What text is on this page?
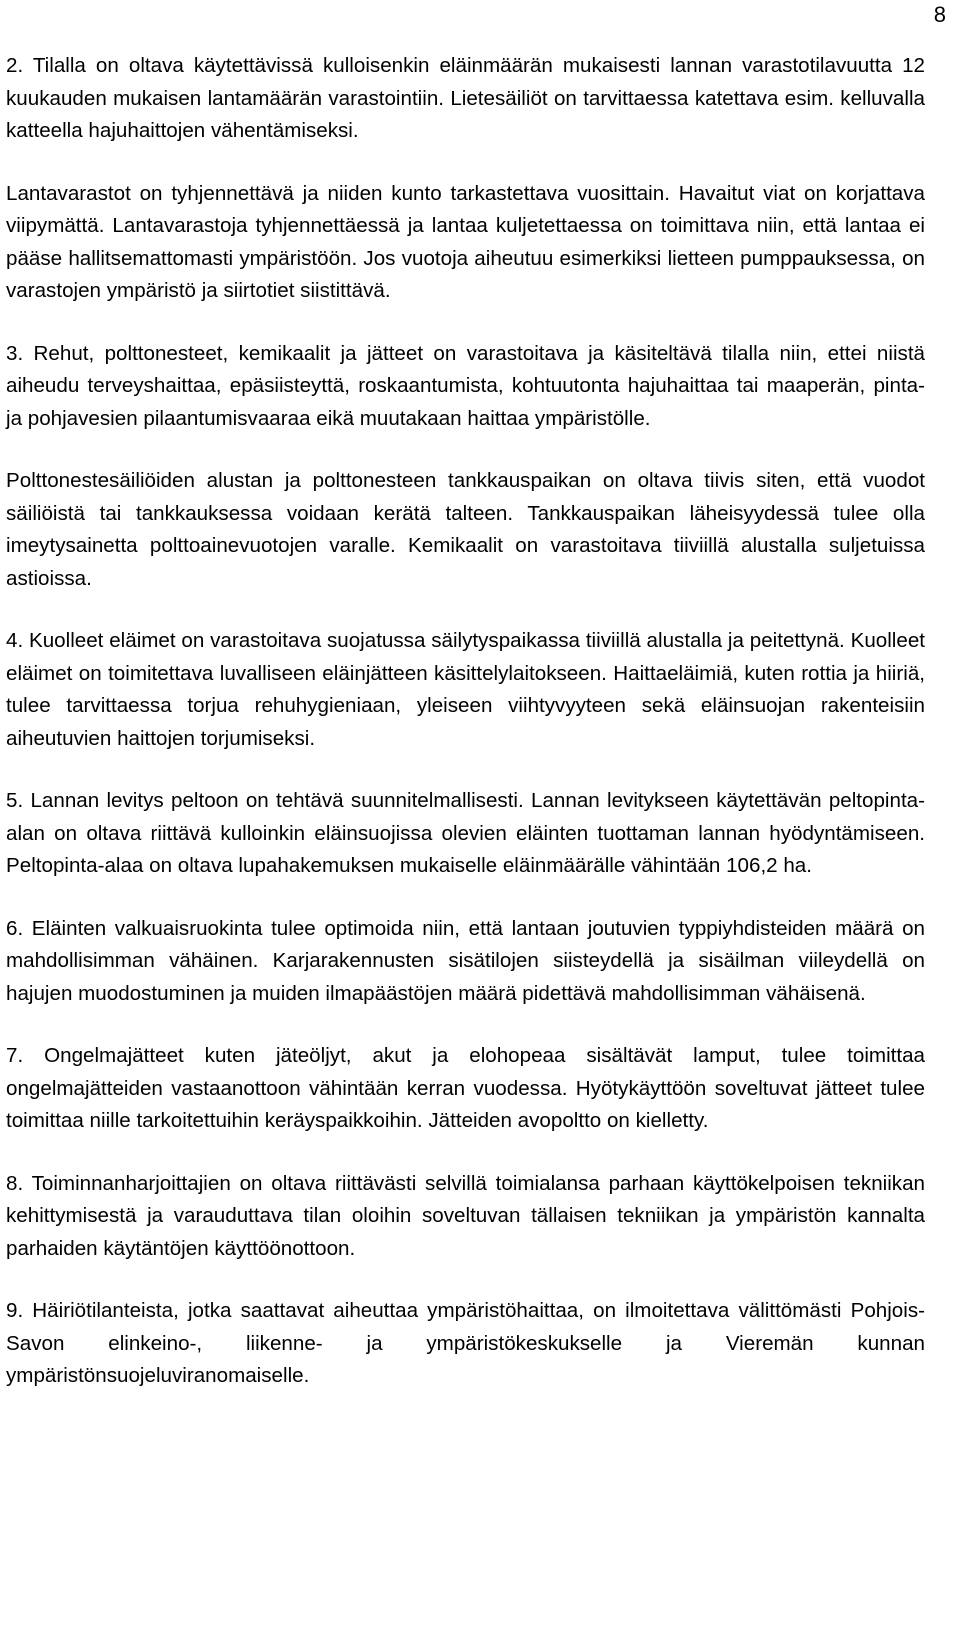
8

2. Tilalla on oltava käytettävissä kulloisenkin eläinmäärän mukaisesti lannan varastotilavuutta 12 kuukauden mukaisen lantamäärän varastointiin. Lietesäiliöt on tarvittaessa katettava esim. kelluvalla katteella hajuhaittojen vähentämiseksi.

Lantavarastot on tyhjennettävä ja niiden kunto tarkastettava vuosittain. Havaitut viat on korjattava viipymättä. Lantavarastoja tyhjennettäessä ja lantaa kuljetettaessa on toimittava niin, että lantaa ei pääse hallitsemattomasti ympäristöön. Jos vuotoja aiheutuu esimerkiksi lietteen pumppauksessa, on varastojen ympäristö ja siirtotiet siistittävä.

3. Rehut, polttonesteet, kemikaalit ja jätteet on varastoitava ja käsiteltävä tilalla niin, ettei niistä aiheudu terveyshaittaa, epäsiisteyttä, roskaantumista, kohtuutonta hajuhaittaa tai maaperän, pinta- ja pohjavesien pilaantumisvaaraa eikä muutakaan haittaa ympäristölle.

Polttonestesäiliöiden alustan ja polttonesteen tankkauspaikan on oltava tiivis siten, että vuodot säiliöistä tai tankkauksessa voidaan kerätä talteen. Tankkauspaikan läheisyydessä tulee olla imeytysainetta polttoainevuotojen varalle. Kemikaalit on varastoitava tiiviillä alustalla suljetuissa astioissa.

4. Kuolleet eläimet on varastoitava suojatussa säilytyspaikassa tiiviillä alustalla ja peitettynä. Kuolleet eläimet on toimitettava luvalliseen eläinjätteen käsittelylaitokseen. Haittaeläimiä, kuten rottia ja hiiriä, tulee tarvittaessa torjua rehuhygieniaan, yleiseen viihtyvyyteen sekä eläinsuojan rakenteisiin aiheutuvien haittojen torjumiseksi.

5. Lannan levitys peltoon on tehtävä suunnitelmallisesti. Lannan levitykseen käytettävän peltopinta-alan on oltava riittävä kulloinkin eläinsuojissa olevien eläinten tuottaman lannan hyödyntämiseen. Peltopinta-alaa on oltava lupahakemuksen mukaiselle eläinmäärälle vähintään 106,2 ha.

6. Eläinten valkuaisruokinta tulee optimoida niin, että lantaan joutuvien typpiyhdisteiden määrä on mahdollisimman vähäinen. Karjarakennusten sisätilojen siisteydellä ja sisäilman viileydellä on hajujen muodostuminen ja muiden ilmapäästöjen määrä pidettävä mahdollisimman vähäisenä.

7. Ongelmajätteet kuten jäteöljyt, akut ja elohopeaa sisältävät lamput, tulee toimittaa ongelmajätteiden vastaanottoon vähintään kerran vuodessa. Hyötykäyttöön soveltuvat jätteet tulee toimittaa niille tarkoitettuihin keräyspaikkoihin. Jätteiden avopoltto on kielletty.

8. Toiminnanharjoittajien on oltava riittävästi selvillä toimialansa parhaan käyttökelpoisen tekniikan kehittymisestä ja varauduttava tilan oloihin soveltuvan tällaisen tekniikan ja ympäristön kannalta parhaiden käytäntöjen käyttöönottoon.

9. Häiriötilanteista, jotka saattavat aiheuttaa ympäristöhaittaa, on ilmoitettava välittömästi Pohjois-Savon elinkeino-, liikenne- ja ympäristökeskukselle ja Vieremän kunnan ympäristönsuojeluviranomaiselle.
